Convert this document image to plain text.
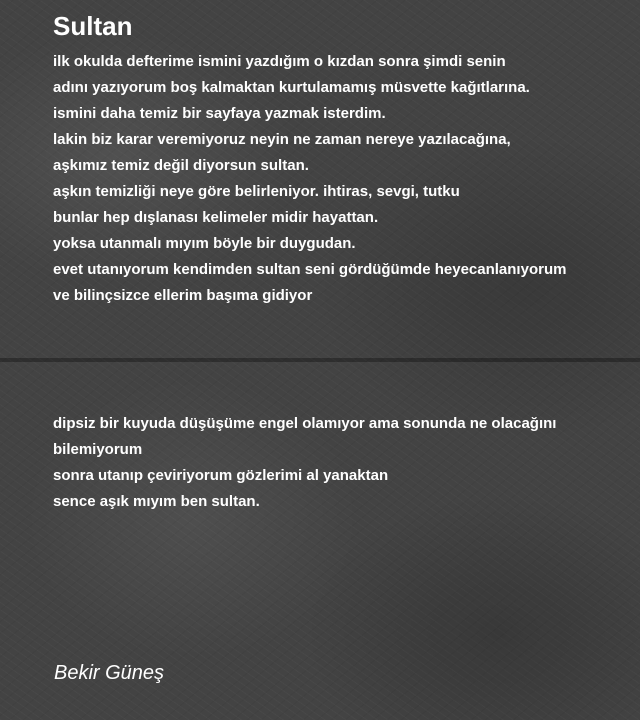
Sultan
ilk okulda defterime ismini yazdığım o kızdan sonra şimdi senin
adını yazıyorum boş kalmaktan kurtulamamış müsvette kağıtlarına.
ismini daha temiz bir sayfaya yazmak isterdim.
lakin biz karar veremiyoruz neyin ne zaman nereye yazılacağına,
aşkımız temiz değil diyorsun sultan.
aşkın temizliği neye göre belirleniyor. ihtiras, sevgi, tutku
bunlar hep dışlanası kelimeler midir hayattan.
yoksa utanmalı mıyım böyle bir duygudan.
evet utanıyorum kendimden sultan seni gördüğümde heyecanlanıyorum
ve bilinçsizce ellerim başıma gidiyor
dipsiz bir kuyuda düşüşüme engel olamıyor ama sonunda ne olacağını
bilemiyorum
sonra utanıp çeviriyorum gözlerimi al yanaktan
sence aşık mıyım ben sultan.

Bekir Güneş
